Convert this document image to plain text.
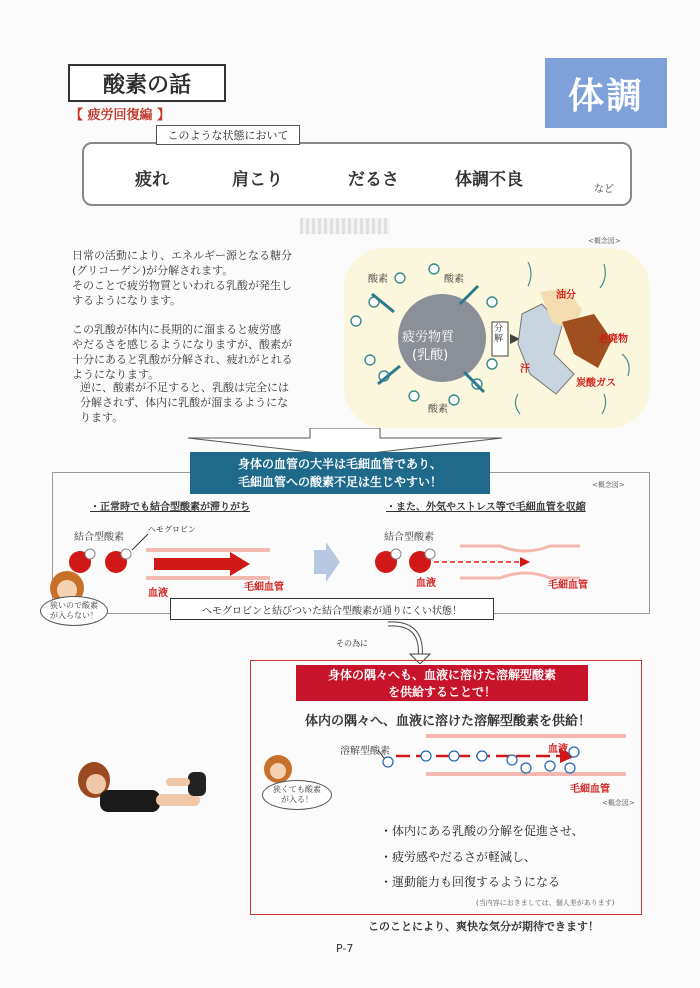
酸素の話	体調
【 疲労回復編 】
このような状態において
疲れ	肩こり	だるさ	体調不良	など
<概念図>
日常の活動により、エネルギー源となる糖分
(グリコーゲン)が分解されます。
そのことで疲労物質といわれる乳酸が発生し
するようになります。
この乳酸が体内に長期的に溜まると疲労感
やだるさを感じるようになりますが、酸素が
十分にあると乳酸が分解され、疲れがとれる
ようになります。
逆に、酸素が不足すると、乳酸は完全には
分解されず、体内に乳酸が溜まるようにな
ります。
酸素	酸素
酸素
疲労物質
(乳酸)
分解
油分
老廃物
汗
炭酸ガス
身体の血管の大半は毛細血管であり、
毛細血管への酸素不足は生じやすい！	<概念図>
・正常時でも結合型酸素が滞りがち	・また、外気やストレス等で毛細血管を収縮
結合型酸素
ヘモグロビン
血液
毛細血管
結合型酸素
血液	毛細血管
狭いので酸素
が入らない！	ヘモグロビンと結びついた結合型酸素が通りにくい状態！
その為に
身体の隅々へも、血液に溶けた溶解型酸素
を供給することで！
体内の隅々へ、血液に溶けた溶解型酸素を供給！
溶解型酸素	血液
毛細血管
<概念図>
狭くても酸素
が入る！
・体内にある乳酸の分解を促進させ、
・疲労感やだるさが軽減し、
・運動能力も回復するようになる
(当内容におきましては、個人差があります)
このことにより、爽快な気分が期待できます！
P-7
